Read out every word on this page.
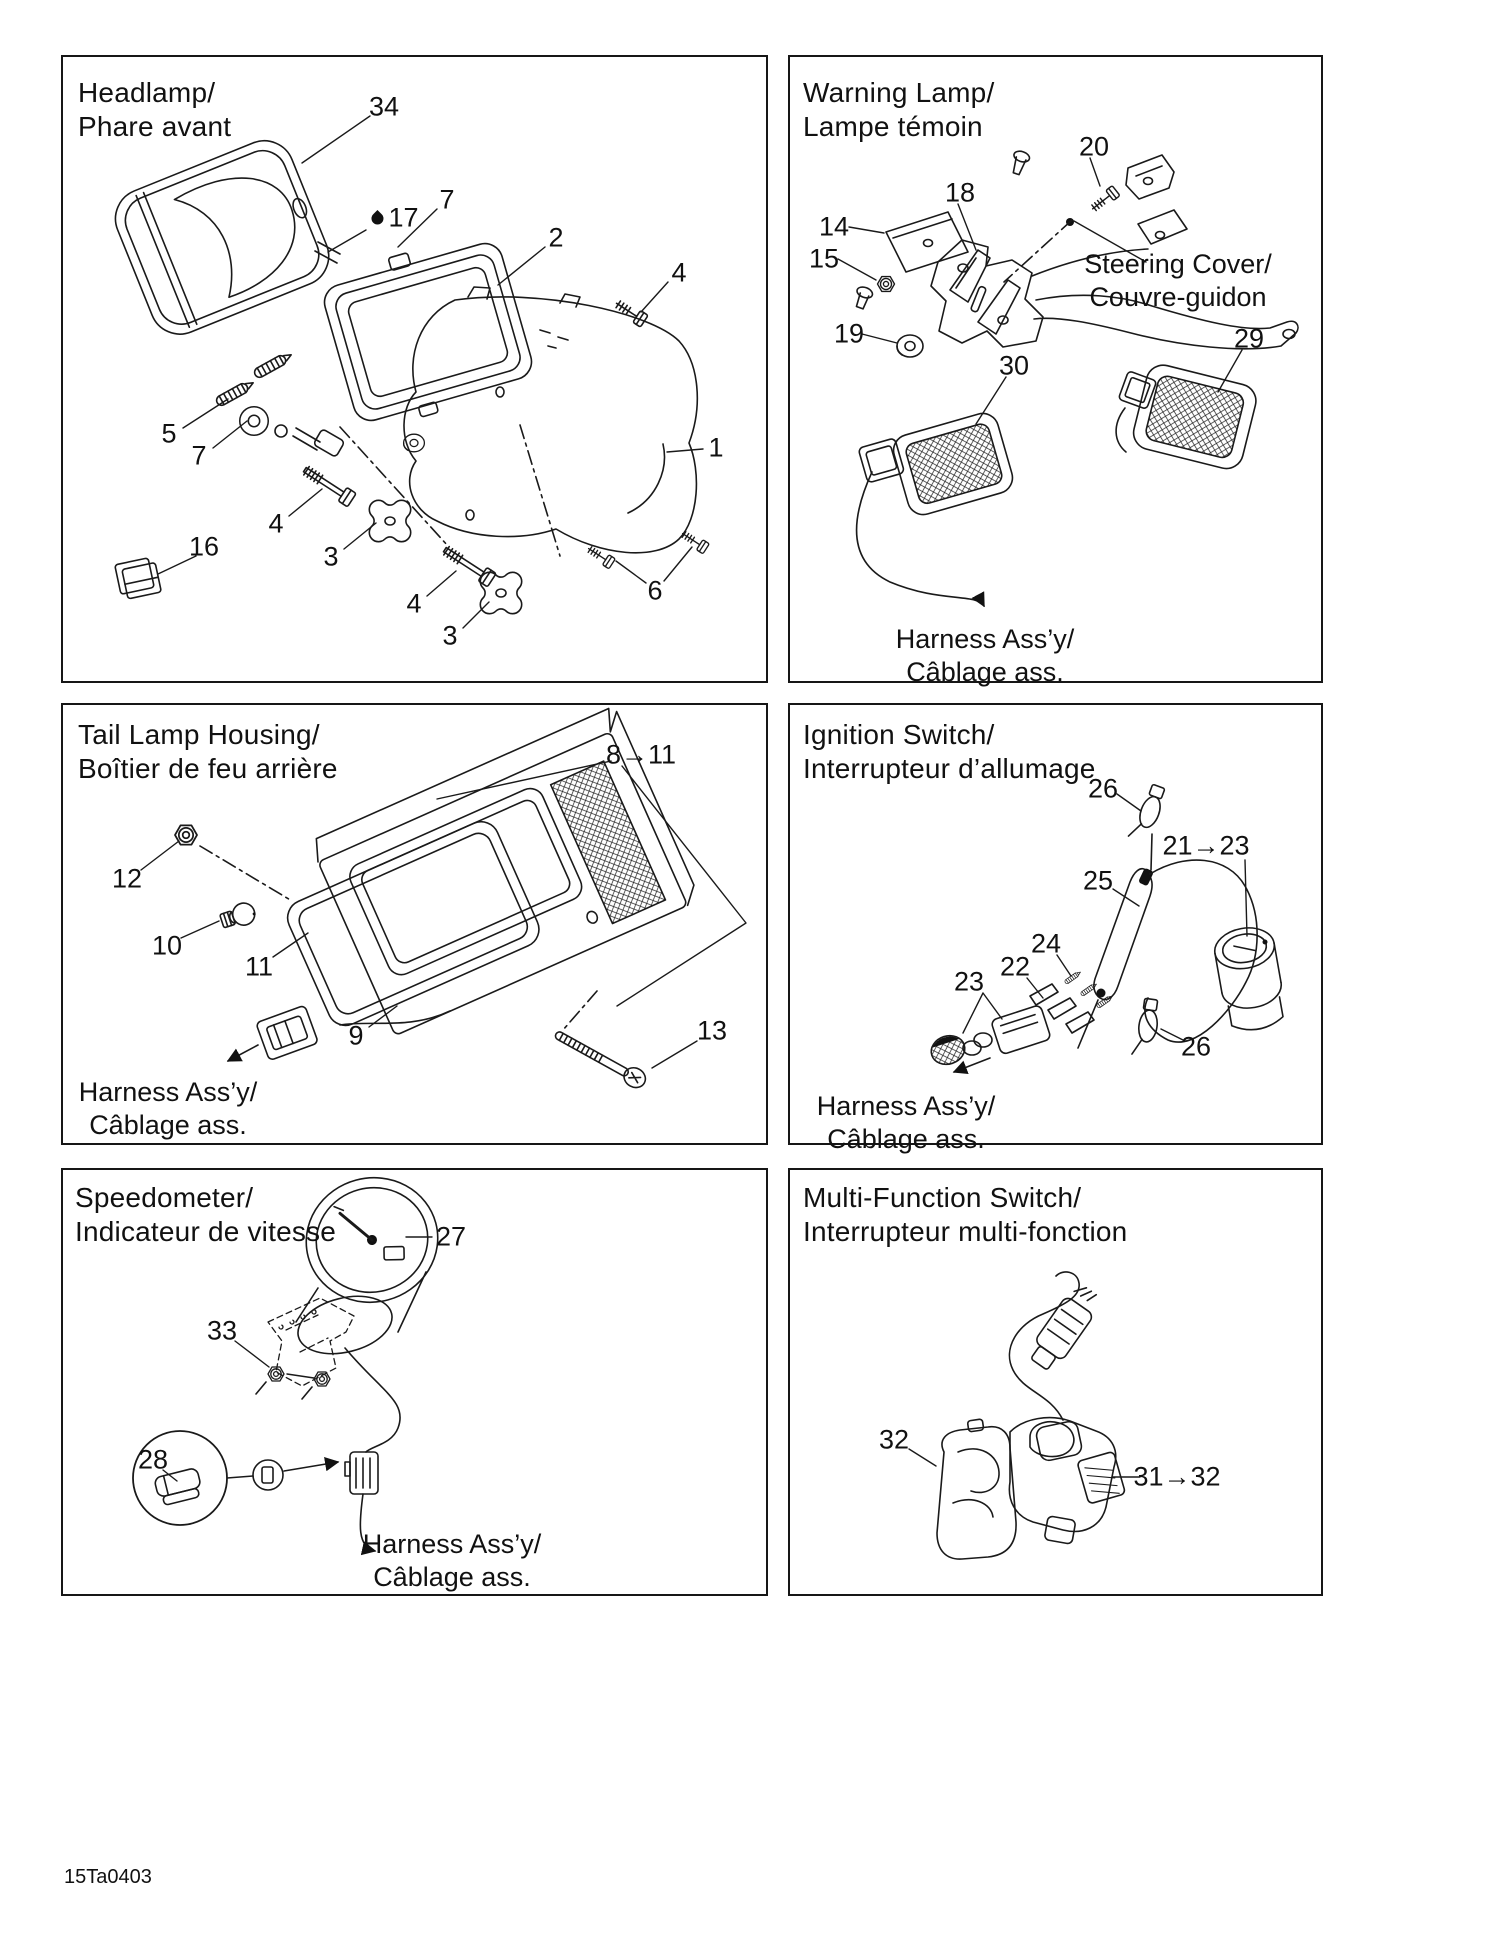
Headlamp/
Phare avant
Warning Lamp/
Lampe témoin
Tail Lamp Housing/
Boîtier de feu arrière
Ignition Switch/
Interrupteur d’allumage
Speedometer/
Indicateur de vitesse
Multi-Function Switch/
Interrupteur multi-fonction
34
17
7
2
4
5
7
4
3
16
4
3
6
1
20
18
14
15
19
30
29
Steering Cover/
Couvre-guidon
Harness Ass’y/
Câblage ass.
8→11
12
10
11
9	13
Harness Ass’y/
Câblage ass.
26
21→23
25
24
22
23
26
Harness Ass’y/
Câblage ass.
27
33
28
Harness Ass’y/
Câblage ass.
32
31→32
15Ta0403
